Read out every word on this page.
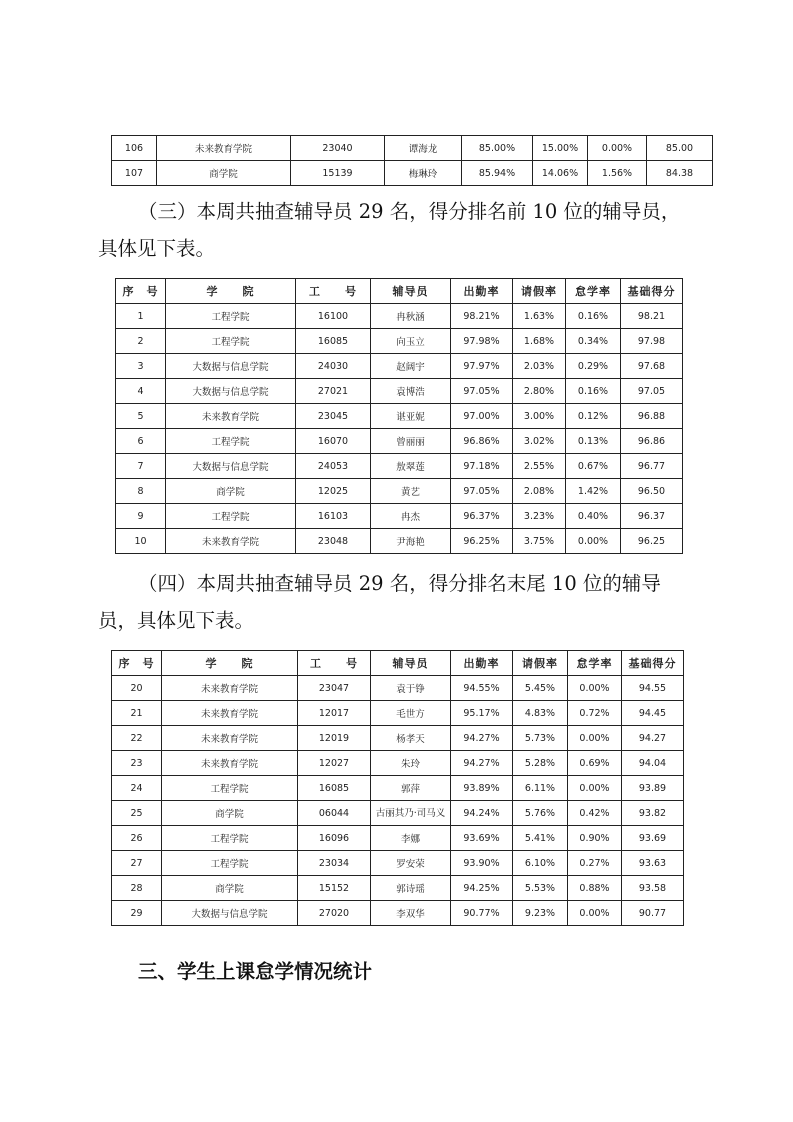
106	未来教育学院	23040	谭海龙	85.00%	15.00%	0.00%	85.00
107	商学院	15139	梅琳玲	85.94%	14.06%	1.56%	84.38

（三）本周共抽查辅导员 29 名，得分排名前 10 位的辅导员，具体见下表。

序　号	学　　院	工　　号	辅导员	出勤率	请假率	怠学率	基础得分
1	工程学院	16100	冉秋涵	98.21%	1.63%	0.16%	98.21
2	工程学院	16085	向玉立	97.98%	1.68%	0.34%	97.98
3	大数据与信息学院	24030	赵阔宇	97.97%	2.03%	0.29%	97.68
4	大数据与信息学院	27021	袁博浩	97.05%	2.80%	0.16%	97.05
5	未来教育学院	23045	谌亚妮	97.00%	3.00%	0.12%	96.88
6	工程学院	16070	曾丽丽	96.86%	3.02%	0.13%	96.86
7	大数据与信息学院	24053	敖翠莲	97.18%	2.55%	0.67%	96.77
8	商学院	12025	黄艺	97.05%	2.08%	1.42%	96.50
9	工程学院	16103	冉杰	96.37%	3.23%	0.40%	96.37
10	未来教育学院	23048	尹海艳	96.25%	3.75%	0.00%	96.25

（四）本周共抽查辅导员 29 名，得分排名末尾 10 位的辅导员，具体见下表。

序　号	学　　院	工　　号	辅导员	出勤率	请假率	怠学率	基础得分
20	未来教育学院	23047	袁于铮	94.55%	5.45%	0.00%	94.55
21	未来教育学院	12017	毛世方	95.17%	4.83%	0.72%	94.45
22	未来教育学院	12019	杨孝天	94.27%	5.73%	0.00%	94.27
23	未来教育学院	12027	朱玲	94.27%	5.28%	0.69%	94.04
24	工程学院	16085	郭萍	93.89%	6.11%	0.00%	93.89
25	商学院	06044	古丽其乃·司马义	94.24%	5.76%	0.42%	93.82
26	工程学院	16096	李娜	93.69%	5.41%	0.90%	93.69
27	工程学院	23034	罗安荣	93.90%	6.10%	0.27%	93.63
28	商学院	15152	郭诗瑶	94.25%	5.53%	0.88%	93.58
29	大数据与信息学院	27020	李双华	90.77%	9.23%	0.00%	90.77

三、学生上课怠学情况统计
